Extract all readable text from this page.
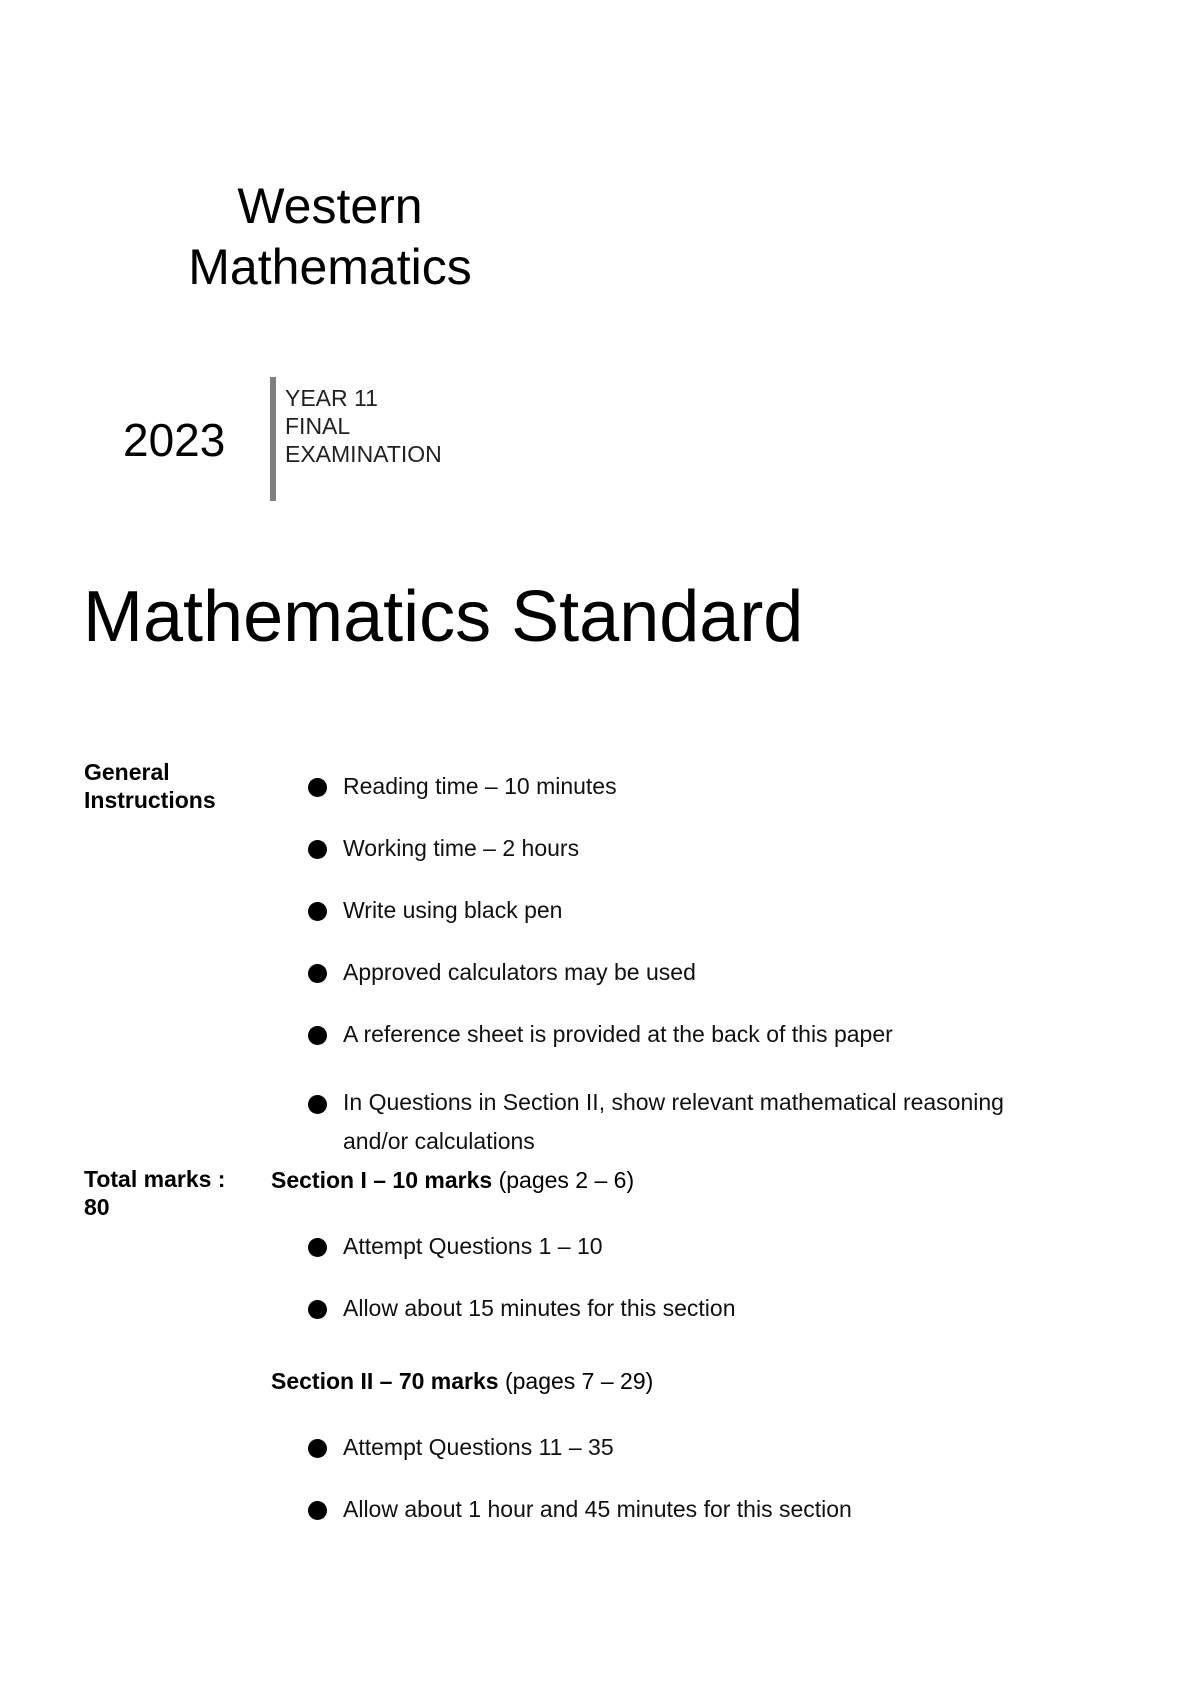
Western
Mathematics
2023
YEAR 11
FINAL
EXAMINATION
Mathematics Standard
General
Instructions
Reading time – 10 minutes
Working time – 2 hours
Write using black pen
Approved calculators may be used
A reference sheet is provided at the back of this paper
In Questions in Section II, show relevant mathematical reasoning and/or calculations
Total marks :
80
Section I – 10 marks (pages 2 – 6)
Attempt Questions 1 – 10
Allow about 15 minutes for this section
Section II – 70 marks (pages 7 – 29)
Attempt Questions 11 – 35
Allow about 1 hour and 45 minutes for this section
